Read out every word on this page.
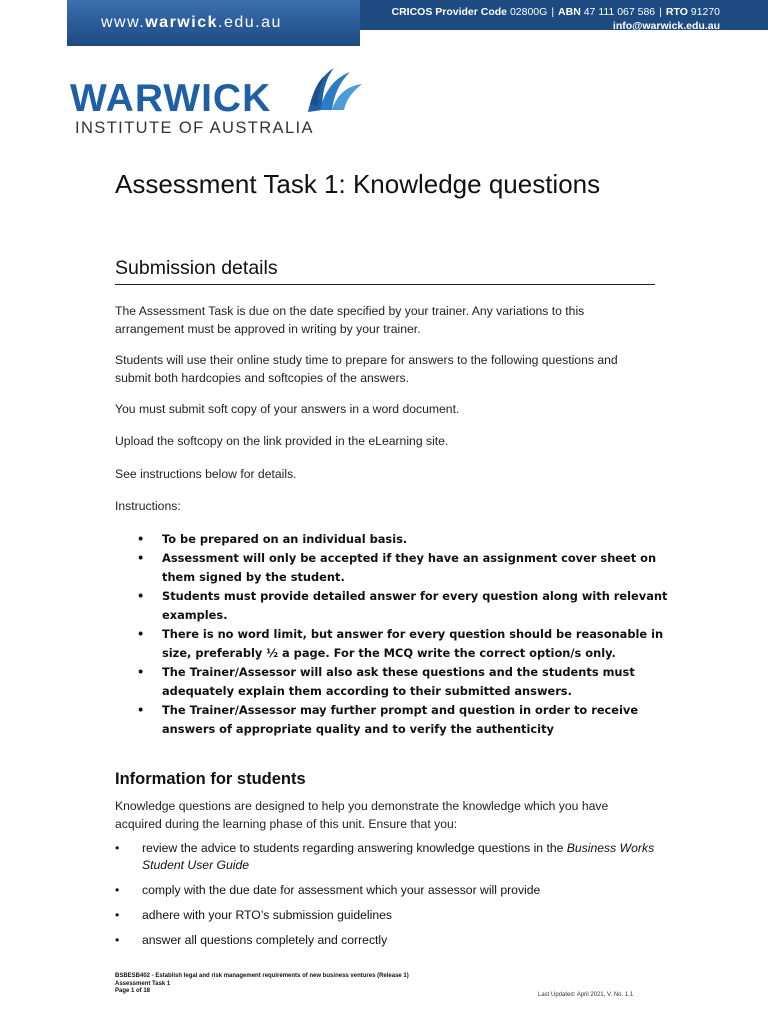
www. warwick .edu.au
CRICOS Provider Code 02800G | ABN 47 111 067 586 | RTO 91270
info@warwick.edu.au
WARWICK
INSTITUTE OF AUSTRALIA
Assessment Task 1: Knowledge questions
Submission details

The Assessment Task is due on the date specified by your trainer. Any variations to this arrangement must be approved in writing by your trainer.

Students will use their online study time to prepare for answers to the following questions and submit both hardcopies and softcopies of the answers.

You must submit soft copy of your answers in a word document.

Upload the softcopy on the link provided in the eLearning site.

See instructions below for details.

Instructions:

• To be prepared on an individual basis.
• Assessment will only be accepted if they have an assignment cover sheet on them signed by the student.
• Students must provide detailed answer for every question along with relevant examples.
• There is no word limit, but answer for every question should be reasonable in size, preferably ½ a page. For the MCQ write the correct option/s only.
• The Trainer/Assessor will also ask these questions and the students must adequately explain them according to their submitted answers.
• The Trainer/Assessor may further prompt and question in order to receive answers of appropriate quality and to verify the authenticity
Information for students

Knowledge questions are designed to help you demonstrate the knowledge which you have acquired during the learning phase of this unit. Ensure that you:

• review the advice to students regarding answering knowledge questions in the Business Works Student User Guide
• comply with the due date for assessment which your assessor will provide
• adhere with your RTO’s submission guidelines
• answer all questions completely and correctly
BSBESB402 - Establish legal and risk management requirements of new business ventures (Release 1)
Assessment Task 1
Page 1 of 18
Last Updated: April 2021, V. No. 1.1
